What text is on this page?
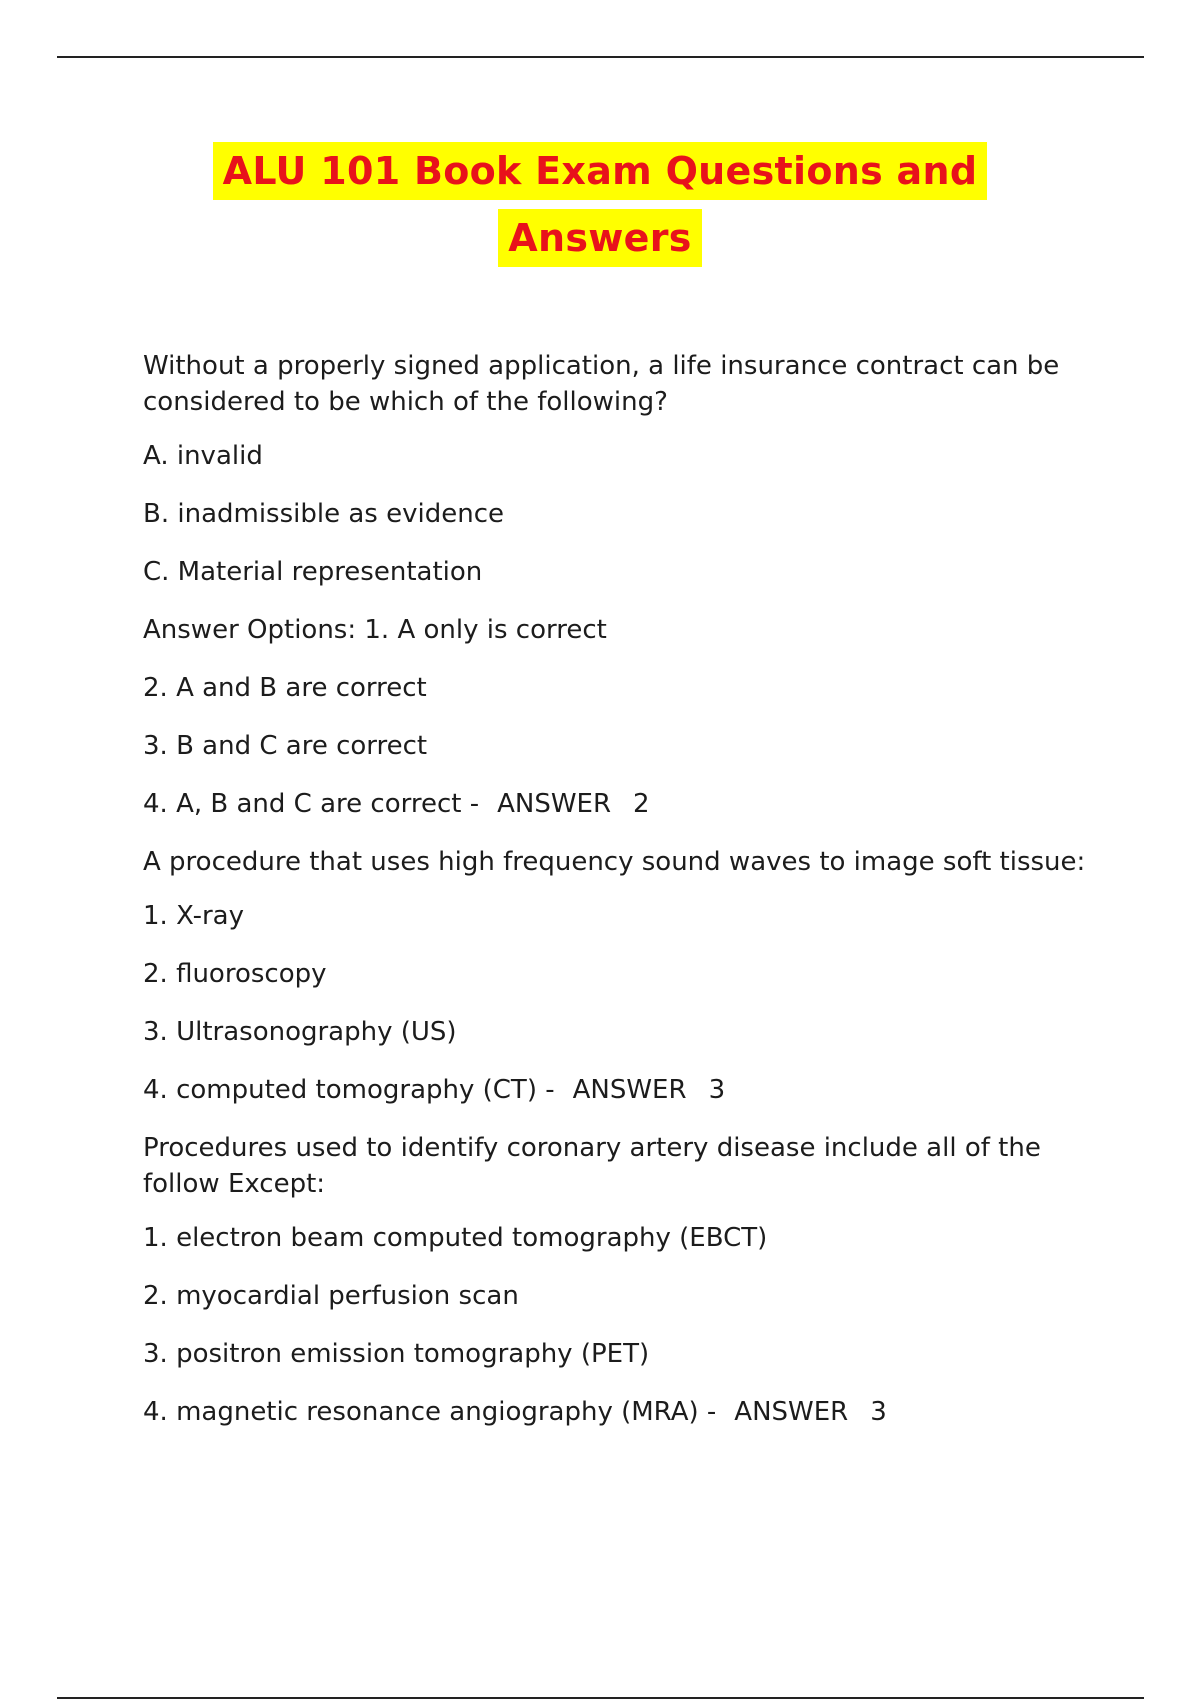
ALU 101 Book Exam Questions and
Answers

Without a properly signed application, a life insurance contract can be considered to be which of the following?

A. invalid

B. inadmissible as evidence

C. Material representation

Answer Options: 1. A only is correct

2. A and B are correct

3. B and C are correct

4. A, B and C are correct - ANSWER 2

A procedure that uses high frequency sound waves to image soft tissue:

1. X-ray

2. fluoroscopy

3. Ultrasonography (US)

4. computed tomography (CT) - ANSWER 3

Procedures used to identify coronary artery disease include all of the follow Except:

1. electron beam computed tomography (EBCT)

2. myocardial perfusion scan

3. positron emission tomography (PET)

4. magnetic resonance angiography (MRA) - ANSWER 3
